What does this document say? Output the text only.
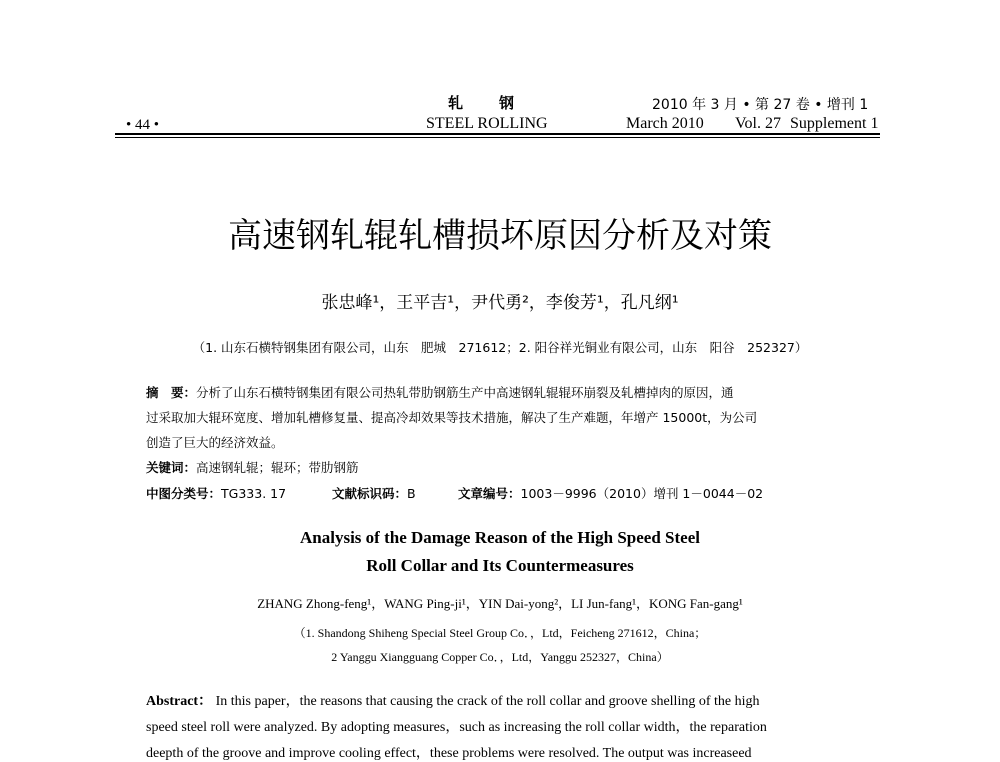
轧　　钢	2010 年 3 月 • 第 27 卷 • 增刊 1
• 44 •	STEEL ROLLING	March 2010 Vol. 27 Supplement 1
高速钢轧辊轧槽损坏原因分析及对策
张忠峰¹，王平吉¹，尹代勇²，李俊芳¹，孔凡纲¹
（1. 山东石横特钢集团有限公司，山东　肥城　271612；2. 阳谷祥光铜业有限公司，山东　阳谷　252327）
摘　要：分析了山东石横特钢集团有限公司热轧带肋钢筋生产中高速钢轧辊辊环崩裂及轧槽掉肉的原因，通
过采取加大辊环宽度、增加轧槽修复量、提高冷却效果等技术措施，解决了生产难题，年增产 15000t，为公司
创造了巨大的经济效益。
关键词：高速钢轧辊；辊环；带肋钢筋
中图分类号：TG333. 17	文献标识码：B	文章编号：1003－9996（2010）增刊 1－0044－02
Analysis of the Damage Reason of the High Speed Steel
Roll Collar and Its Countermeasures
ZHANG Zhong-feng¹，WANG Ping-ji¹，YIN Dai-yong²，LI Jun-fang¹，KONG Fan-gang¹
（1. Shandong Shiheng Special Steel Group Co．，Ltd，Feicheng 271612，China；
2 Yanggu Xiangguang Copper Co．，Ltd，Yanggu 252327，China）
Abstract： In this paper，the reasons that causing the crack of the roll collar and groove shelling of the high
speed steel roll were analyzed. By adopting measures，such as increasing the roll collar width，the reparation
deepth of the groove and improve cooling effect，these problems were resolved. The output was increaseed
